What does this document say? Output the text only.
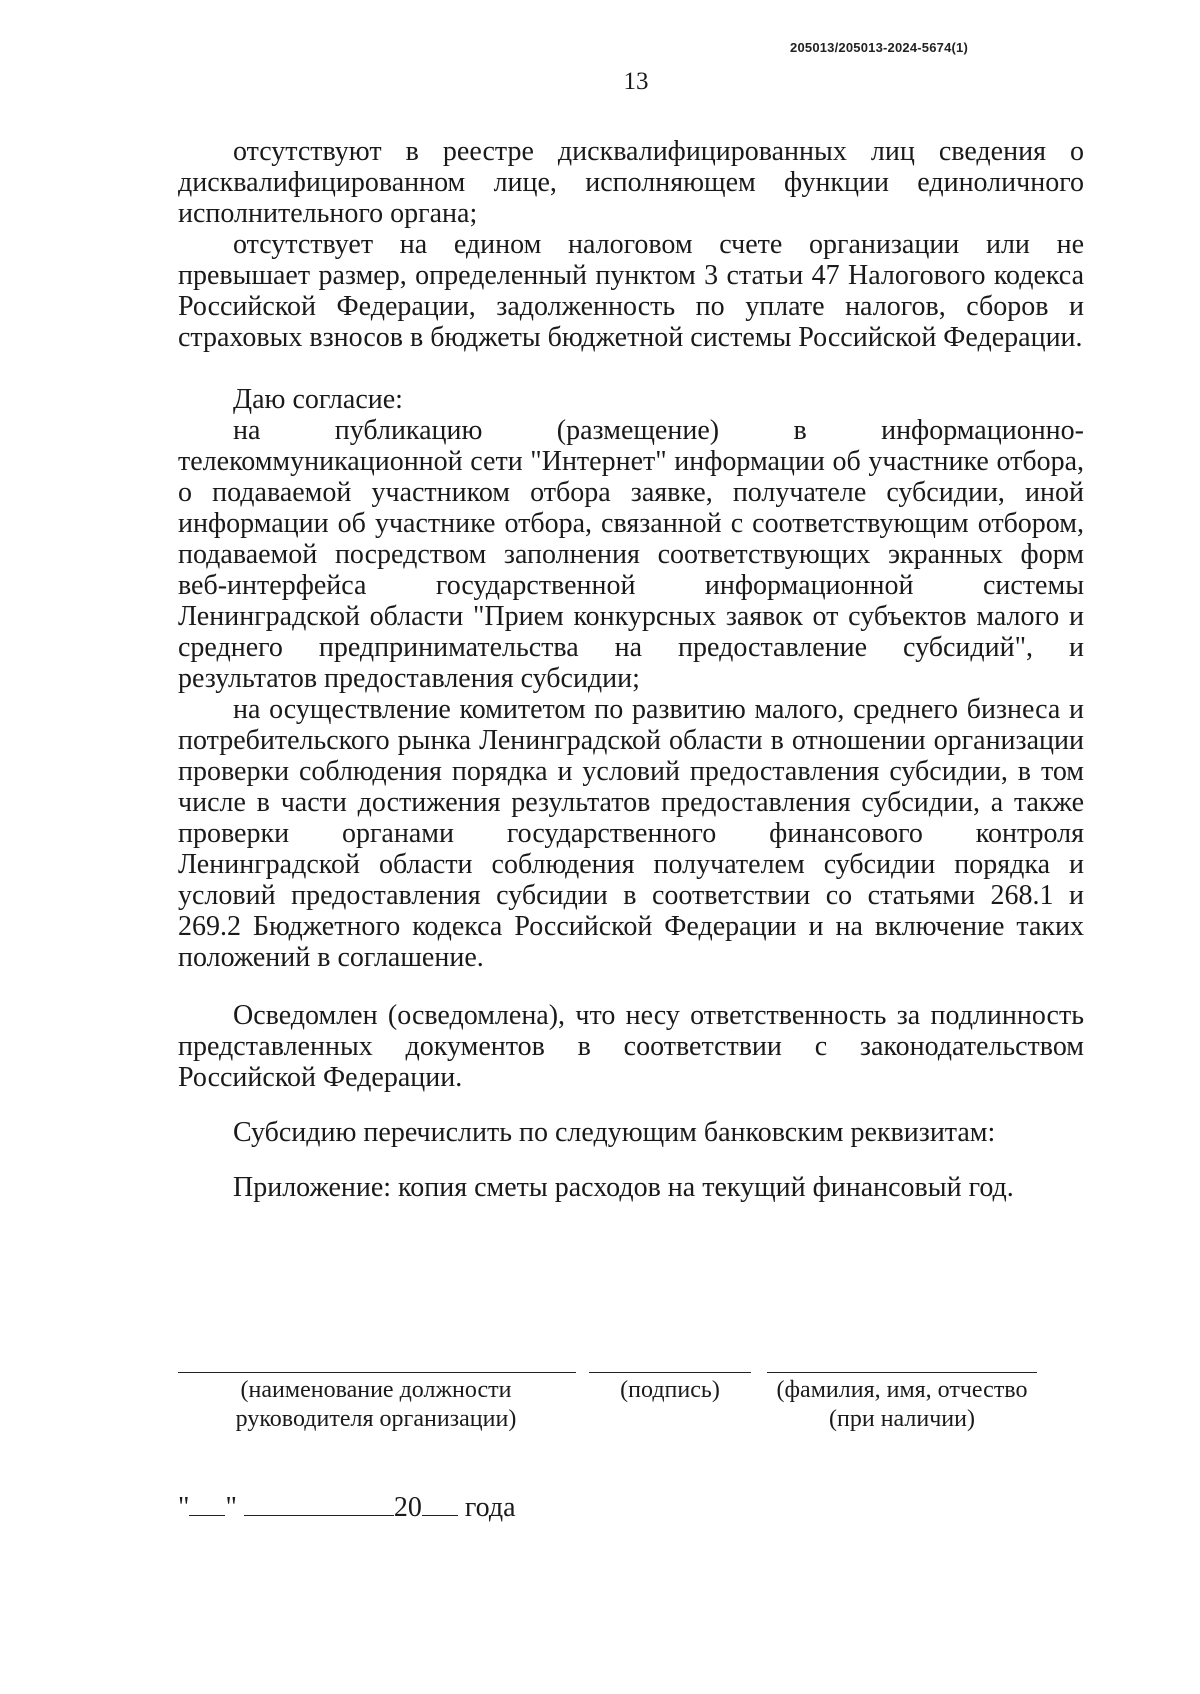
205013/205013-2024-5674(1)
13

отсутствуют в реестре дисквалифицированных лиц сведения о дисквалифицированном лице, исполняющем функции единоличного исполнительного органа;

отсутствует на едином налоговом счете организации или не превышает размер, определенный пунктом 3 статьи 47 Налогового кодекса Российской Федерации, задолженность по уплате налогов, сборов и страховых взносов в бюджеты бюджетной системы Российской Федерации.

Даю согласие:

на публикацию (размещение) в информационно-телекоммуникационной сети "Интернет" информации об участнике отбора, о подаваемой участником отбора заявке, получателе субсидии, иной информации об участнике отбора, связанной с соответствующим отбором, подаваемой посредством заполнения соответствующих экранных форм веб-интерфейса государственной информационной системы Ленинградской области "Прием конкурсных заявок от субъектов малого и среднего предпринимательства на предоставление субсидий", и результатов предоставления субсидии;

на осуществление комитетом по развитию малого, среднего бизнеса и потребительского рынка Ленинградской области в отношении организации проверки соблюдения порядка и условий предоставления субсидии, в том числе в части достижения результатов предоставления субсидии, а также проверки органами государственного финансового контроля Ленинградской области соблюдения получателем субсидии порядка и условий предоставления субсидии в соответствии со статьями 268.1 и 269.2 Бюджетного кодекса Российской Федерации и на включение таких положений в соглашение.

Осведомлен (осведомлена), что несу ответственность за подлинность представленных документов в соответствии с законодательством Российской Федерации.

Субсидию перечислить по следующим банковским реквизитам:

Приложение: копия сметы расходов на текущий финансовый год.

(наименование должности руководителя организации)
(подпись)	(фамилия, имя, отчество (при наличии)
" "	20 года
